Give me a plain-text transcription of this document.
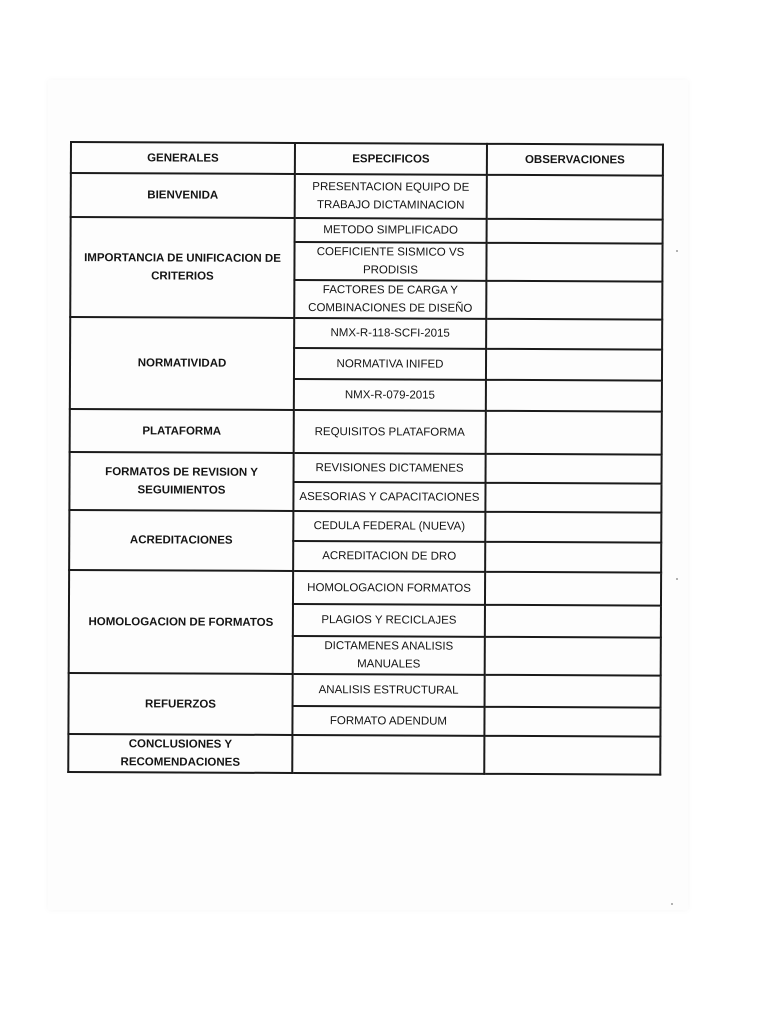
GENERALES	ESPECIFICOS	OBSERVACIONES
BIENVENIDA	PRESENTACION EQUIPO DE
TRABAJO DICTAMINACION	

IMPORTANCIA DE UNIFICACION DE CRITERIOS	METODO SIMPLIFICADO	
	COEFICIENTE SISMICO VS PRODISIS	

	FACTORES DE CARGA Y
COMBINACIONES DE DISEÑO	

NORMATIVIDAD	NMX-R-118-SCFI-2015	
	NORMATIVA INIFED	
	NMX-R-079-2015	
PLATAFORMA	REQUISITOS PLATAFORMA	

FORMATOS DE REVISION Y
SEGUIMIENTOS	REVISIONES DICTAMENES	
	ASESORIAS Y CAPACITACIONES	
ACREDITACIONES	CEDULA FEDERAL (NUEVA)	
	ACREDITACION DE DRO	
HOMOLOGACION DE FORMATOS	HOMOLOGACION FORMATOS	
	PLAGIOS Y RECICLAJES	
	DICTAMENES ANALISIS MANUALES	
REFUERZOS	ANALISIS ESTRUCTURAL	
	FORMATO ADENDUM	
CONCLUSIONES Y RECOMENDACIONES		
